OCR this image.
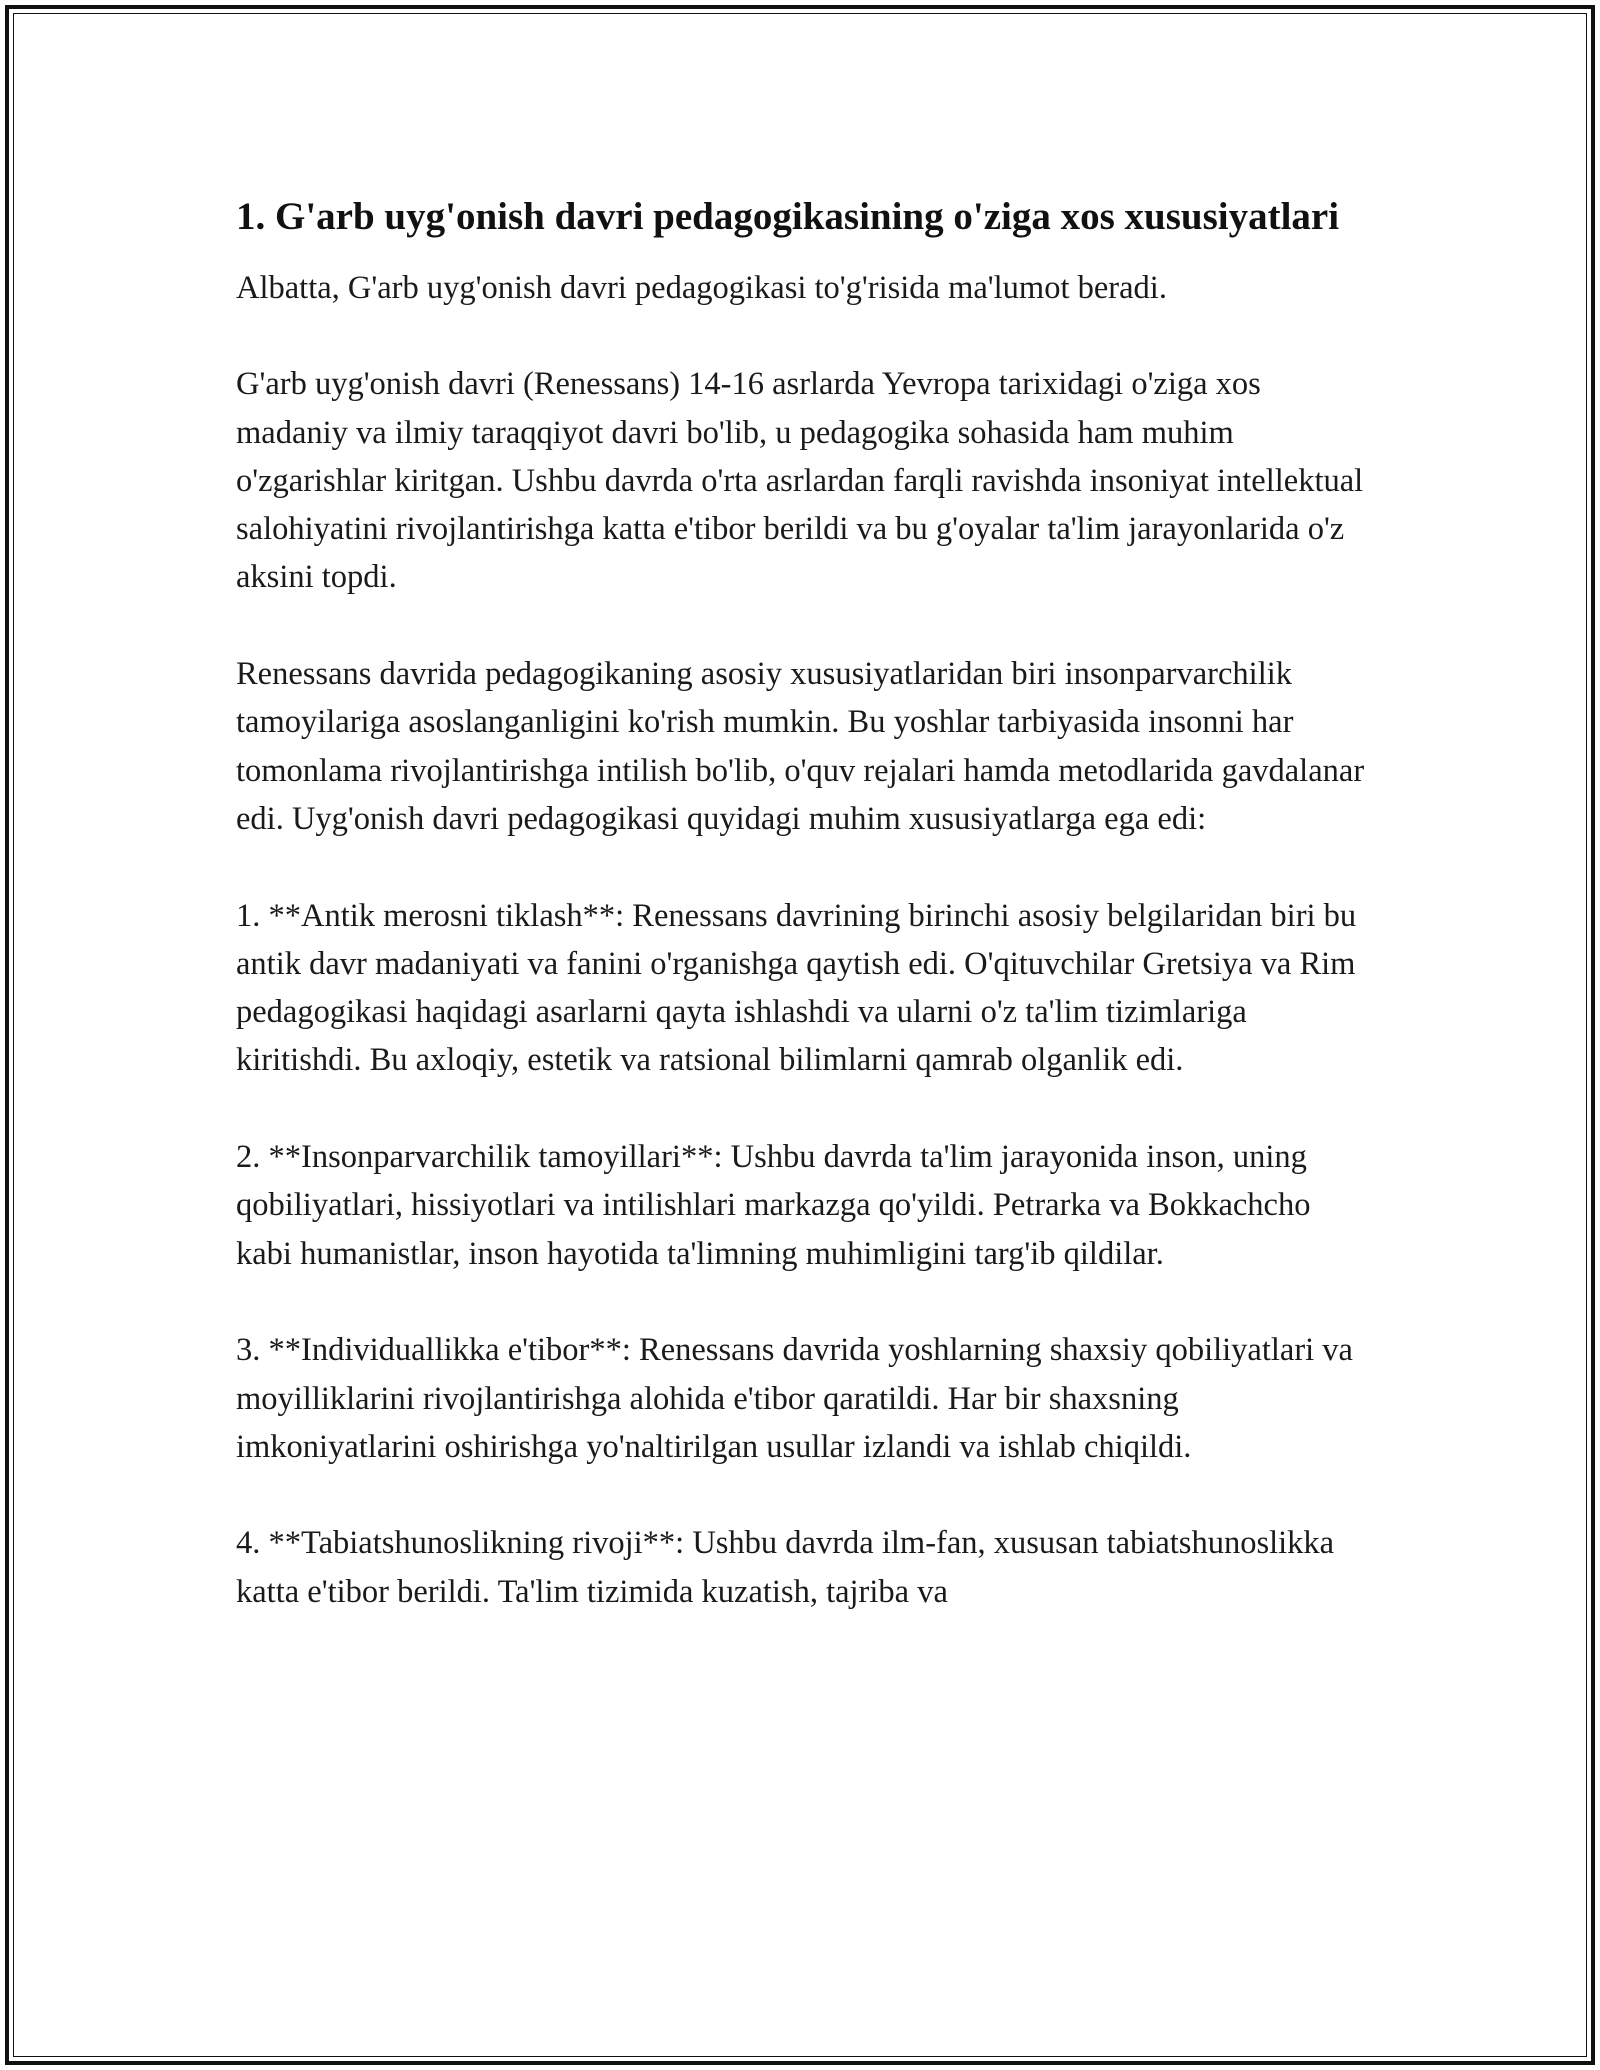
1. G'arb uyg'onish davri pedagogikasining o'ziga xos xususiyatlari

Albatta, G'arb uyg'onish davri pedagogikasi to'g'risida ma'lumot beradi.

G'arb uyg'onish davri (Renessans) 14-16 asrlarda Yevropa tarixidagi o'ziga xos madaniy va ilmiy taraqqiyot davri bo'lib, u pedagogika sohasida ham muhim o'zgarishlar kiritgan. Ushbu davrda o'rta asrlardan farqli ravishda insoniyat intellektual salohiyatini rivojlantirishga katta e'tibor berildi va bu g'oyalar ta'lim jarayonlarida o'z aksini topdi.

Renessans davrida pedagogikaning asosiy xususiyatlaridan biri insonparvarchilik tamoyilariga asoslanganligini ko'rish mumkin. Bu yoshlar tarbiyasida insonni har tomonlama rivojlantirishga intilish bo'lib, o'quv rejalari hamda metodlarida gavdalanar edi. Uyg'onish davri pedagogikasi quyidagi muhim xususiyatlarga ega edi:

1. **Antik merosni tiklash**: Renessans davrining birinchi asosiy belgilaridan biri bu antik davr madaniyati va fanini o'rganishga qaytish edi. O'qituvchilar Gretsiya va Rim pedagogikasi haqidagi asarlarni qayta ishlashdi va ularni o'z ta'lim tizimlariga kiritishdi. Bu axloqiy, estetik va ratsional bilimlarni qamrab olganlik edi.

2. **Insonparvarchilik tamoyillari**: Ushbu davrda ta'lim jarayonida inson, uning qobiliyatlari, hissiyotlari va intilishlari markazga qo'yildi. Petrarka va Bokkachcho kabi humanistlar, inson hayotida ta'limning muhimligini targ'ib qildilar.

3. **Individuallikka e'tibor**: Renessans davrida yoshlarning shaxsiy qobiliyatlari va moyilliklarini rivojlantirishga alohida e'tibor qaratildi. Har bir shaxsning imkoniyatlarini oshirishga yo'naltirilgan usullar izlandi va ishlab chiqildi.

4. **Tabiatshunoslikning rivoji**: Ushbu davrda ilm-fan, xususan tabiatshunoslikka katta e'tibor berildi. Ta'lim tizimida kuzatish, tajriba va
